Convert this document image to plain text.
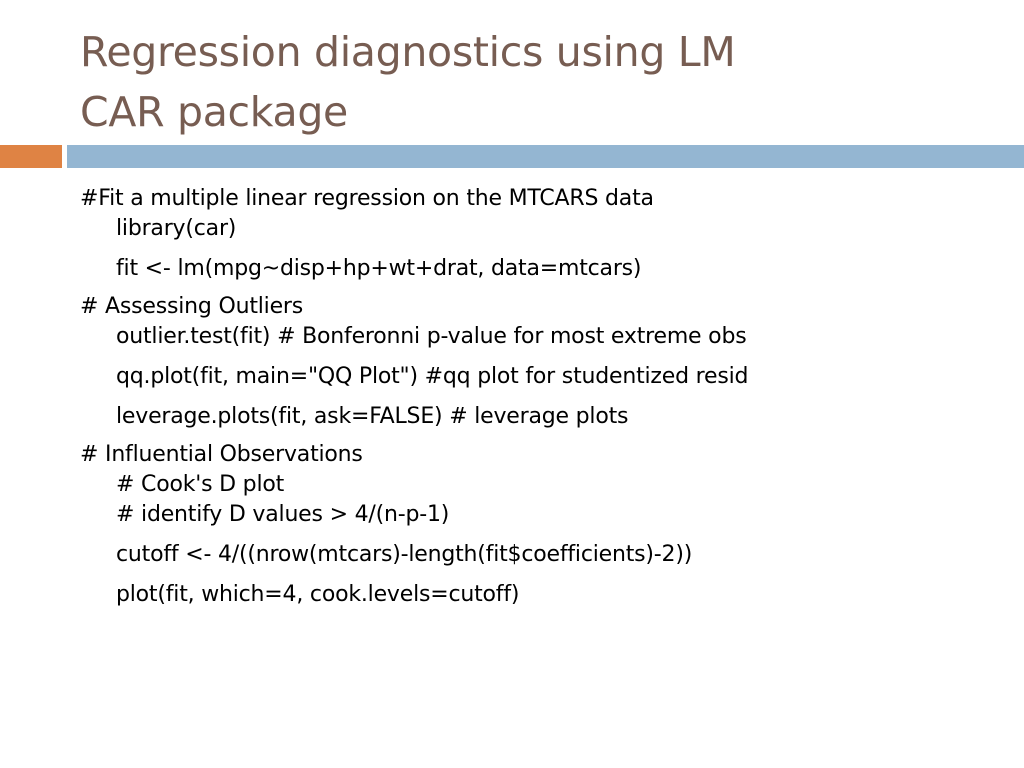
Regression diagnostics using LM
CAR package
#Fit a multiple linear regression on the MTCARS data
library(car)
fit <- lm(mpg~disp+hp+wt+drat, data=mtcars)
# Assessing Outliers
outlier.test(fit) # Bonferonni p-value for most extreme obs
qq.plot(fit, main="QQ Plot") #qq plot for studentized resid
leverage.plots(fit, ask=FALSE) # leverage plots
# Influential Observations
# Cook's D plot
# identify D values > 4/(n-p-1)
cutoff <- 4/((nrow(mtcars)-length(fit$coefficients)-2))
plot(fit, which=4, cook.levels=cutoff)
